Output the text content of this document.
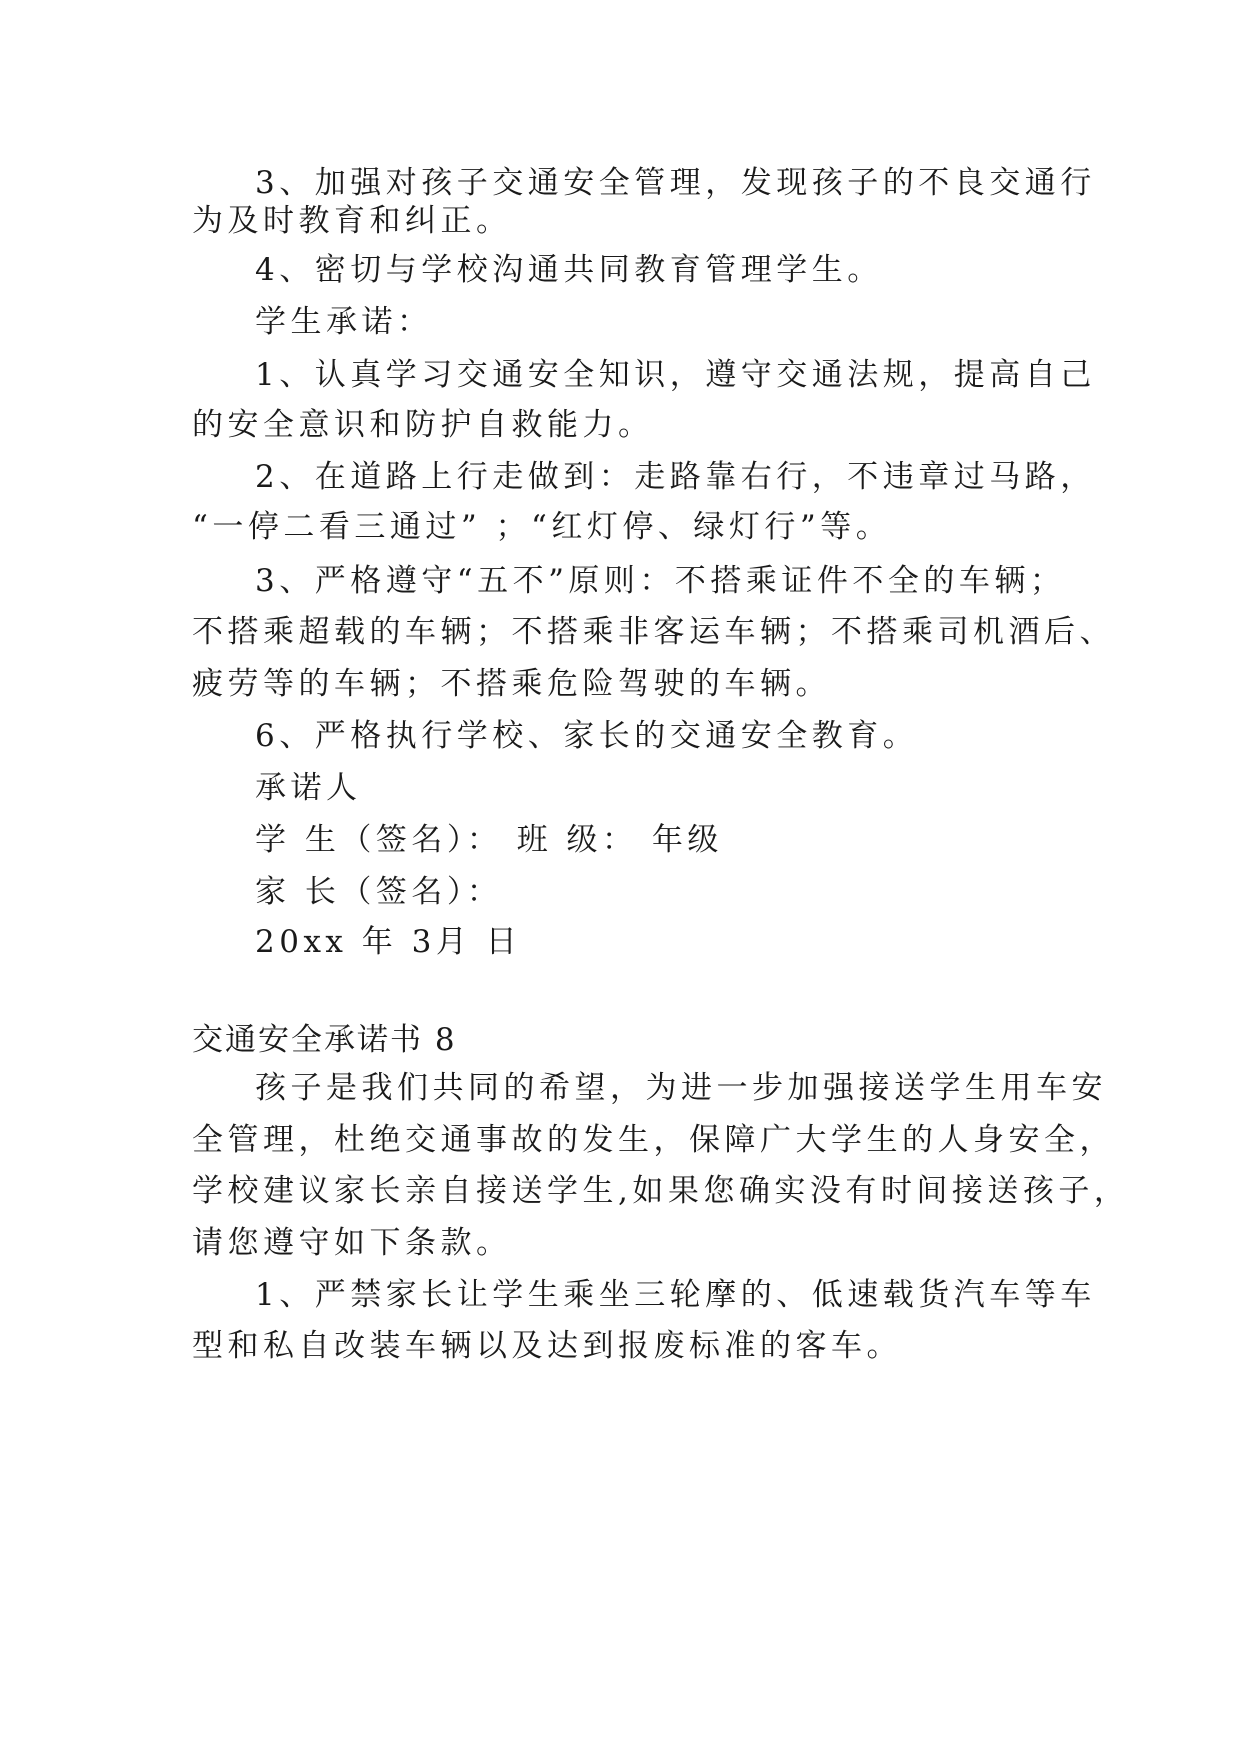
3、加强对孩子交通安全管理，发现孩子的不良交通行
为及时教育和纠正。
4、密切与学校沟通共同教育管理学生。
学生承诺：
1、认真学习交通安全知识，遵守交通法规，提高自己
的安全意识和防护自救能力。
2、在道路上行走做到：走路靠右行，不违章过马路，
“一停二看三通过” ；“红灯停、绿灯行”等。
3、严格遵守“五不”原则：不搭乘证件不全的车辆；
不搭乘超载的车辆；不搭乘非客运车辆；不搭乘司机酒后、
疲劳等的车辆；不搭乘危险驾驶的车辆。
6、严格执行学校、家长的交通安全教育。
承诺人
学 生（签名）： 班 级： 年级
家 长（签名）：
20xx 年 3月 日
交通安全承诺书 8
孩子是我们共同的希望，为进一步加强接送学生用车安
全管理，杜绝交通事故的发生，保障广大学生的人身安全，
学校建议家长亲自接送学生,如果您确实没有时间接送孩子，
请您遵守如下条款。
1、严禁家长让学生乘坐三轮摩的、低速载货汽车等车
型和私自改装车辆以及达到报废标准的客车。
